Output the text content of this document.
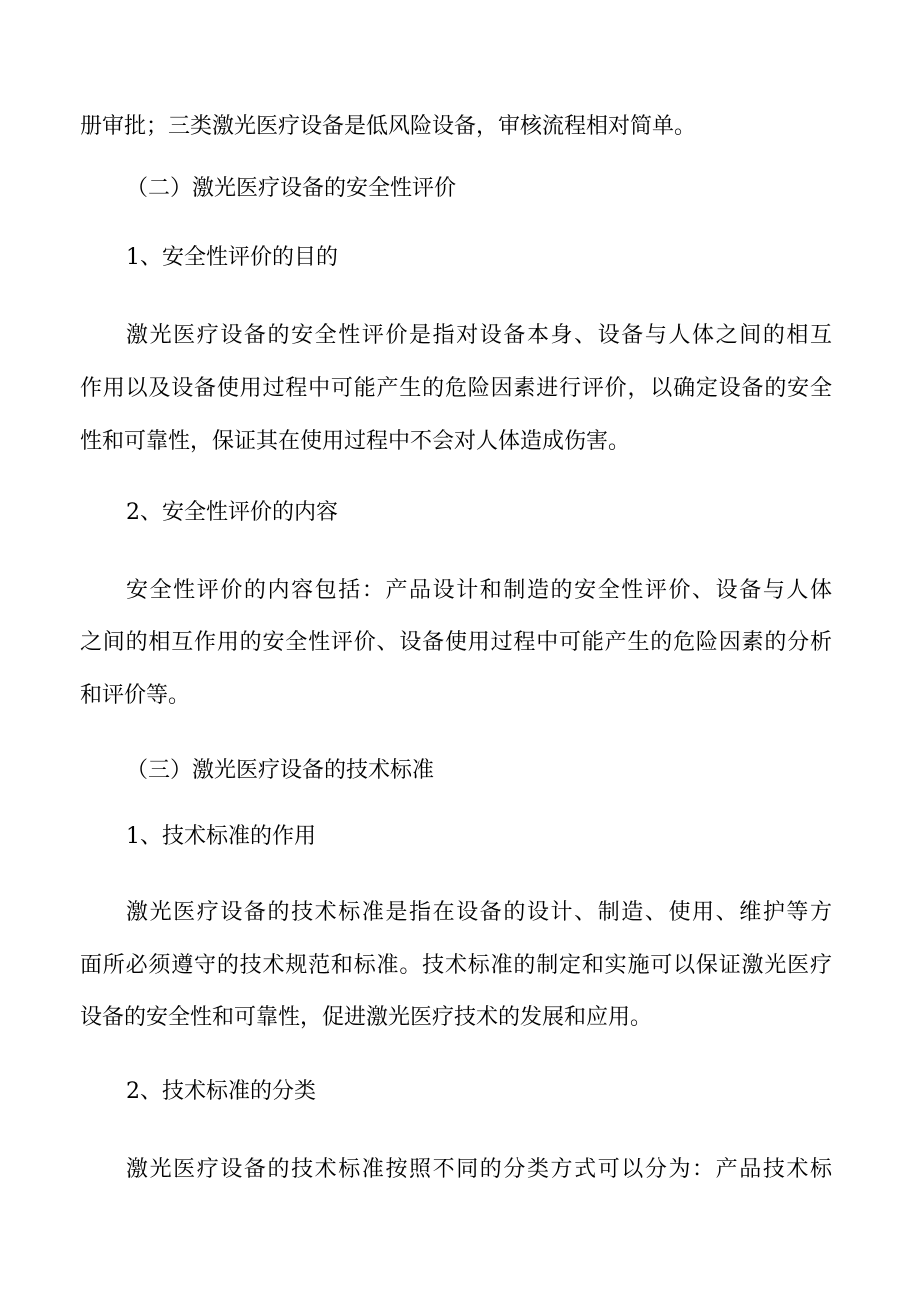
册审批；三类激光医疗设备是低风险设备，审核流程相对简单。
（二）激光医疗设备的安全性评价
1、安全性评价的目的
激光医疗设备的安全性评价是指对设备本身、设备与人体之间的相互
作用以及设备使用过程中可能产生的危险因素进行评价，以确定设备的安全
性和可靠性，保证其在使用过程中不会对人体造成伤害。
2、安全性评价的内容
安全性评价的内容包括：产品设计和制造的安全性评价、设备与人体
之间的相互作用的安全性评价、设备使用过程中可能产生的危险因素的分析
和评价等。
（三）激光医疗设备的技术标准
1、技术标准的作用
激光医疗设备的技术标准是指在设备的设计、制造、使用、维护等方
面所必须遵守的技术规范和标准。技术标准的制定和实施可以保证激光医疗
设备的安全性和可靠性，促进激光医疗技术的发展和应用。
2、技术标准的分类
激光医疗设备的技术标准按照不同的分类方式可以分为：产品技术标
